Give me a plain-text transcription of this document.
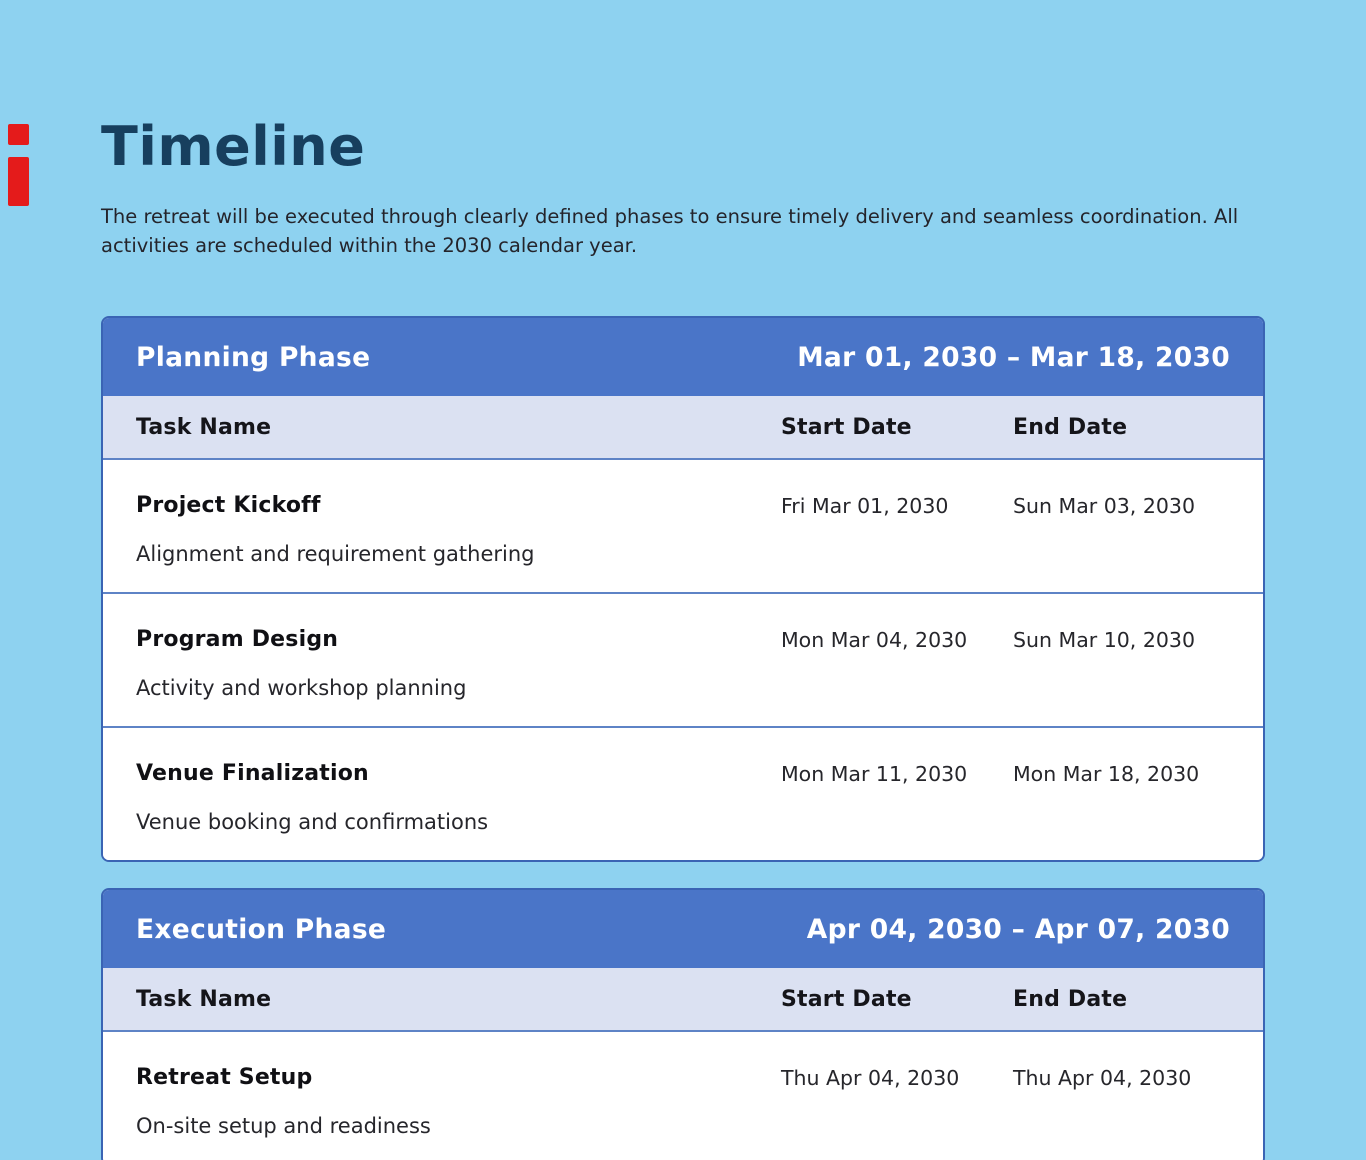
Timeline
The retreat will be executed through clearly defined phases to ensure timely delivery and seamless coordination. All
activities are scheduled within the 2030 calendar year.
Planning Phase	Mar 01, 2030 – Mar 18, 2030
Task Name	Start Date	End Date

Project Kickoff
Alignment and requirement gathering	Fri Mar 01, 2030	Sun Mar 03, 2030

Program Design
Activity and workshop planning	Mon Mar 04, 2030	Sun Mar 10, 2030

Venue Finalization
Venue booking and confirmations	Mon Mar 11, 2030	Mon Mar 18, 2030
Execution Phase	Apr 04, 2030 – Apr 07, 2030
Task Name	Start Date	End Date

Retreat Setup
On-site setup and readiness	Thu Apr 04, 2030	Thu Apr 04, 2030
